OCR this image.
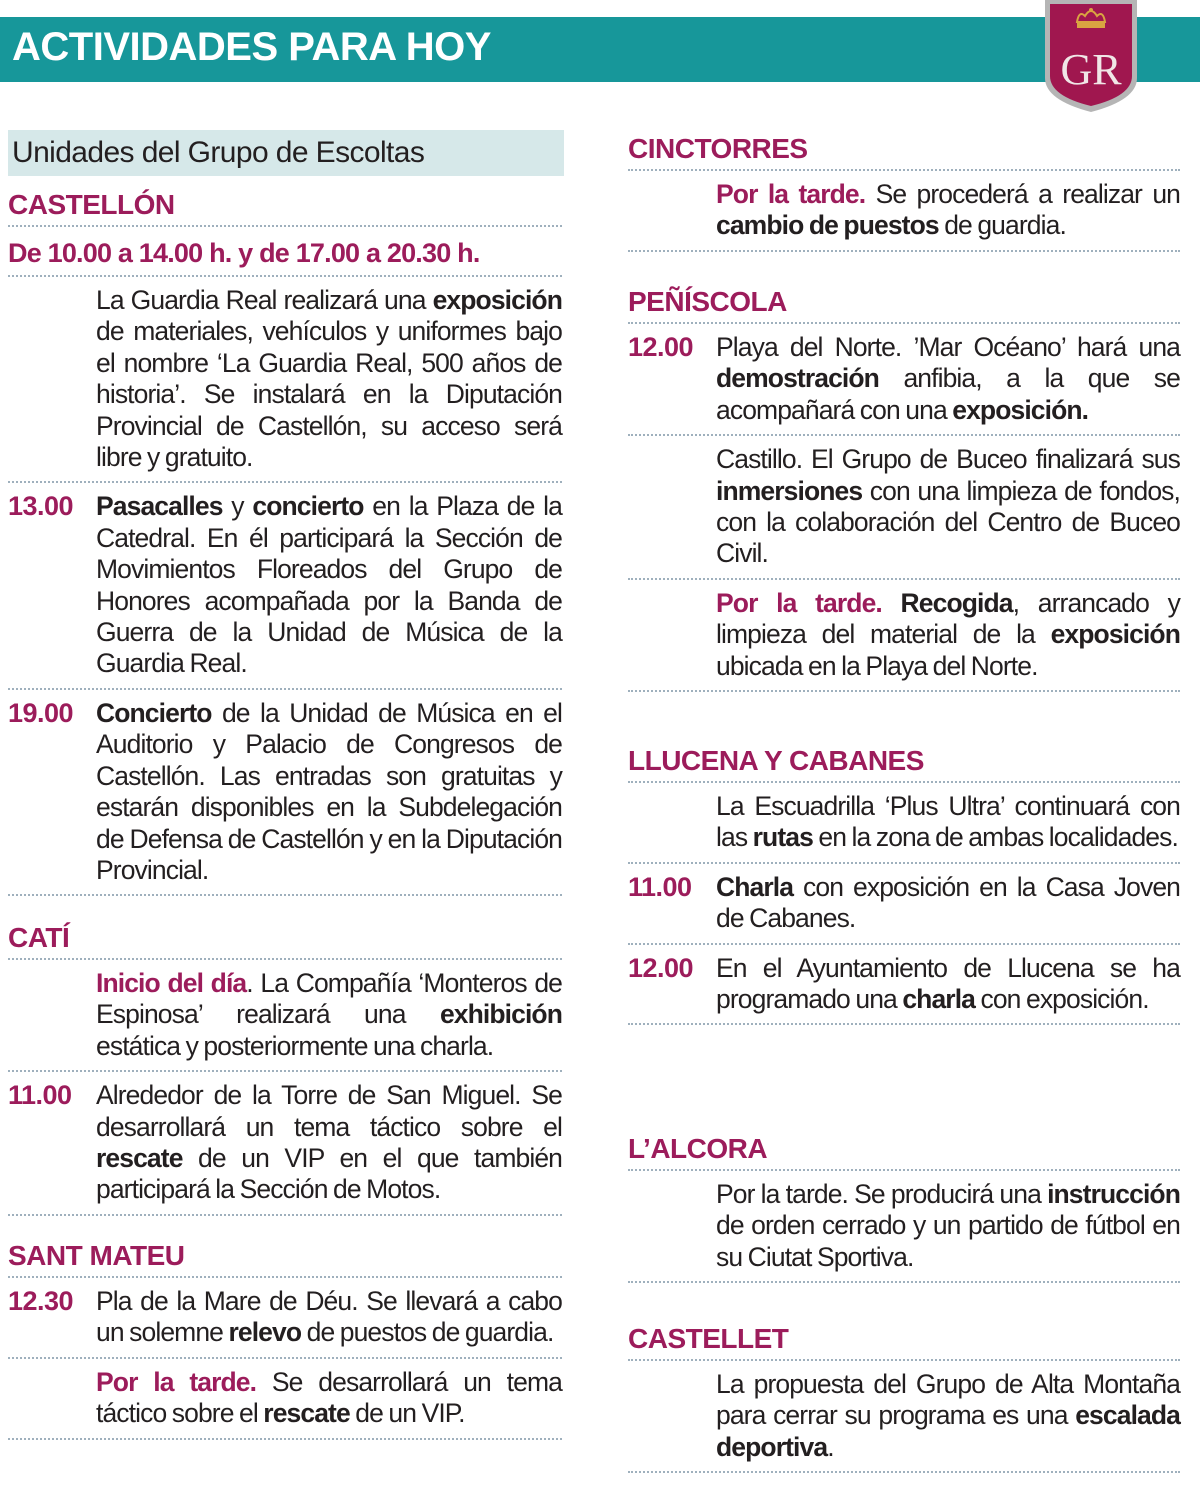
ACTIVIDADES PARA HOY	GR
Unidades del Grupo de Escoltas
CASTELLÓN
De 10.00 a 14.00 h. y de 17.00 a 20.30 h.
La Guardia Real realizará una exposición de materiales, vehículos y uniformes bajo el nombre ‘La Guardia Real, 500 años de historia’. Se instalará en la Diputación Provincial de Castellón, su acceso será libre y gratuito.
13.00 Pasacalles y concierto en la Plaza de la Catedral. En él participará la Sección de Movimientos Floreados del Grupo de Honores acompañada por la Banda de Guerra de la Unidad de Música de la Guardia Real.
19.00 Concierto de la Unidad de Música en el Auditorio y Palacio de Congresos de Castellón. Las entradas son gratuitas y estarán disponibles en la Subdelegación de Defensa de Castellón y en la Diputación Provincial.
CATÍ
Inicio del día. La Compañía ‘Monteros de Espinosa’ realizará una exhibición estática y posteriormente una charla.
11.00 Alrededor de la Torre de San Miguel. Se desarrollará un tema táctico sobre el rescate de un VIP en el que también participará la Sección de Motos.
SANT MATEU
12.30 Pla de la Mare de Déu. Se llevará a cabo un solemne relevo de puestos de guardia.
Por la tarde. Se desarrollará un tema táctico sobre el rescate de un VIP.
CINCTORRES
Por la tarde. Se procederá a realizar un cambio de puestos de guardia.
PEÑÍSCOLA
12.00 Playa del Norte. ’Mar Océano’ hará una demostración anfibia, a la que se acompañará con una exposición.
Castillo. El Grupo de Buceo finalizará sus inmersiones con una limpieza de fondos, con la colaboración del Centro de Buceo Civil.
Por la tarde. Recogida, arrancado y limpieza del material de la exposición ubicada en la Playa del Norte.
LLUCENA Y CABANES
La Escuadrilla ‘Plus Ultra’ continuará con las rutas en la zona de ambas localidades.
11.00 Charla con exposición en la Casa Joven de Cabanes.
12.00 En el Ayuntamiento de Llucena se ha programado una charla con exposición.
L’ALCORA
Por la tarde. Se producirá una instrucción de orden cerrado y un partido de fútbol en su Ciutat Sportiva.
CASTELLET
La propuesta del Grupo de Alta Montaña para cerrar su programa es una escalada deportiva.
